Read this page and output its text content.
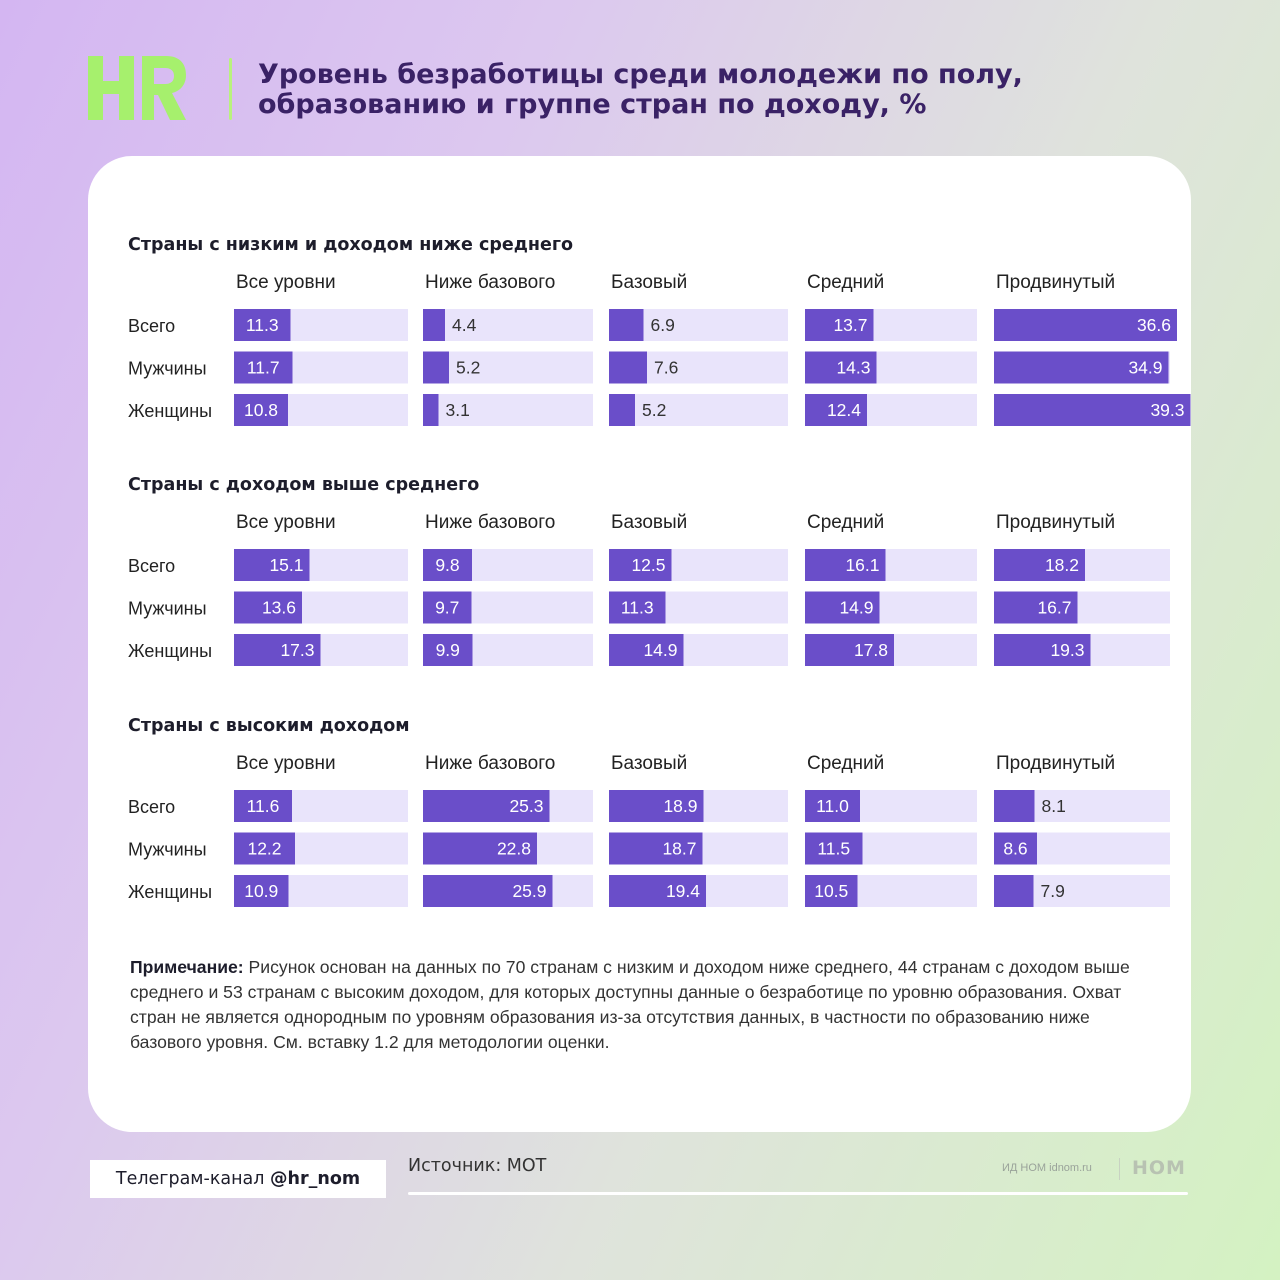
Уровень безработицы среди молодежи по полу,
образованию и группе стран по доходу, %
Страны с низким и доходом ниже среднего
Все уровни	Ниже базового	Базовый	Средний	Продвинутый
Всего	11.3	4.4	6.9	13.7	36.6
Мужчины 11.7	5.2	7.6	14.3	34.9
Женщины 10.8	3.1	5.2	12.4	39.3
Страны с доходом выше среднего
Все уровни	Ниже базового	Базовый	Средний	Продвинутый
Всего	15.1	9.8	12.5	16.1	18.2
Мужчины	13.6	9.7	11.3	14.9	16.7
Женщины	17.3	9.9	14.9	17.8	19.3
Страны с высоким доходом
Все уровни	Ниже базового	Базовый	Средний	Продвинутый
Всего	11.6	25.3	18.9	11.0	8.1
Мужчины 12.2	22.8	18.7	11.5	8.6
Женщины 10.9	25.9	19.4	10.5	7.9
Примечание: Рисунок основан на данных по 70 странам с низким и доходом ниже среднего, 44 странам с доходом выше среднего и 53 странам с высоким доходом, для которых доступны данные о безработице по уровню образования. Охват стран не является однородным по уровням образования из-за отсутствия данных, в частности по образованию ниже базового уровня. См. вставку 1.2 для методологии оценки.
Телеграм-канал @hr_nom
Источник: МОТ	ИД НОМ idnom.ru НОМ
